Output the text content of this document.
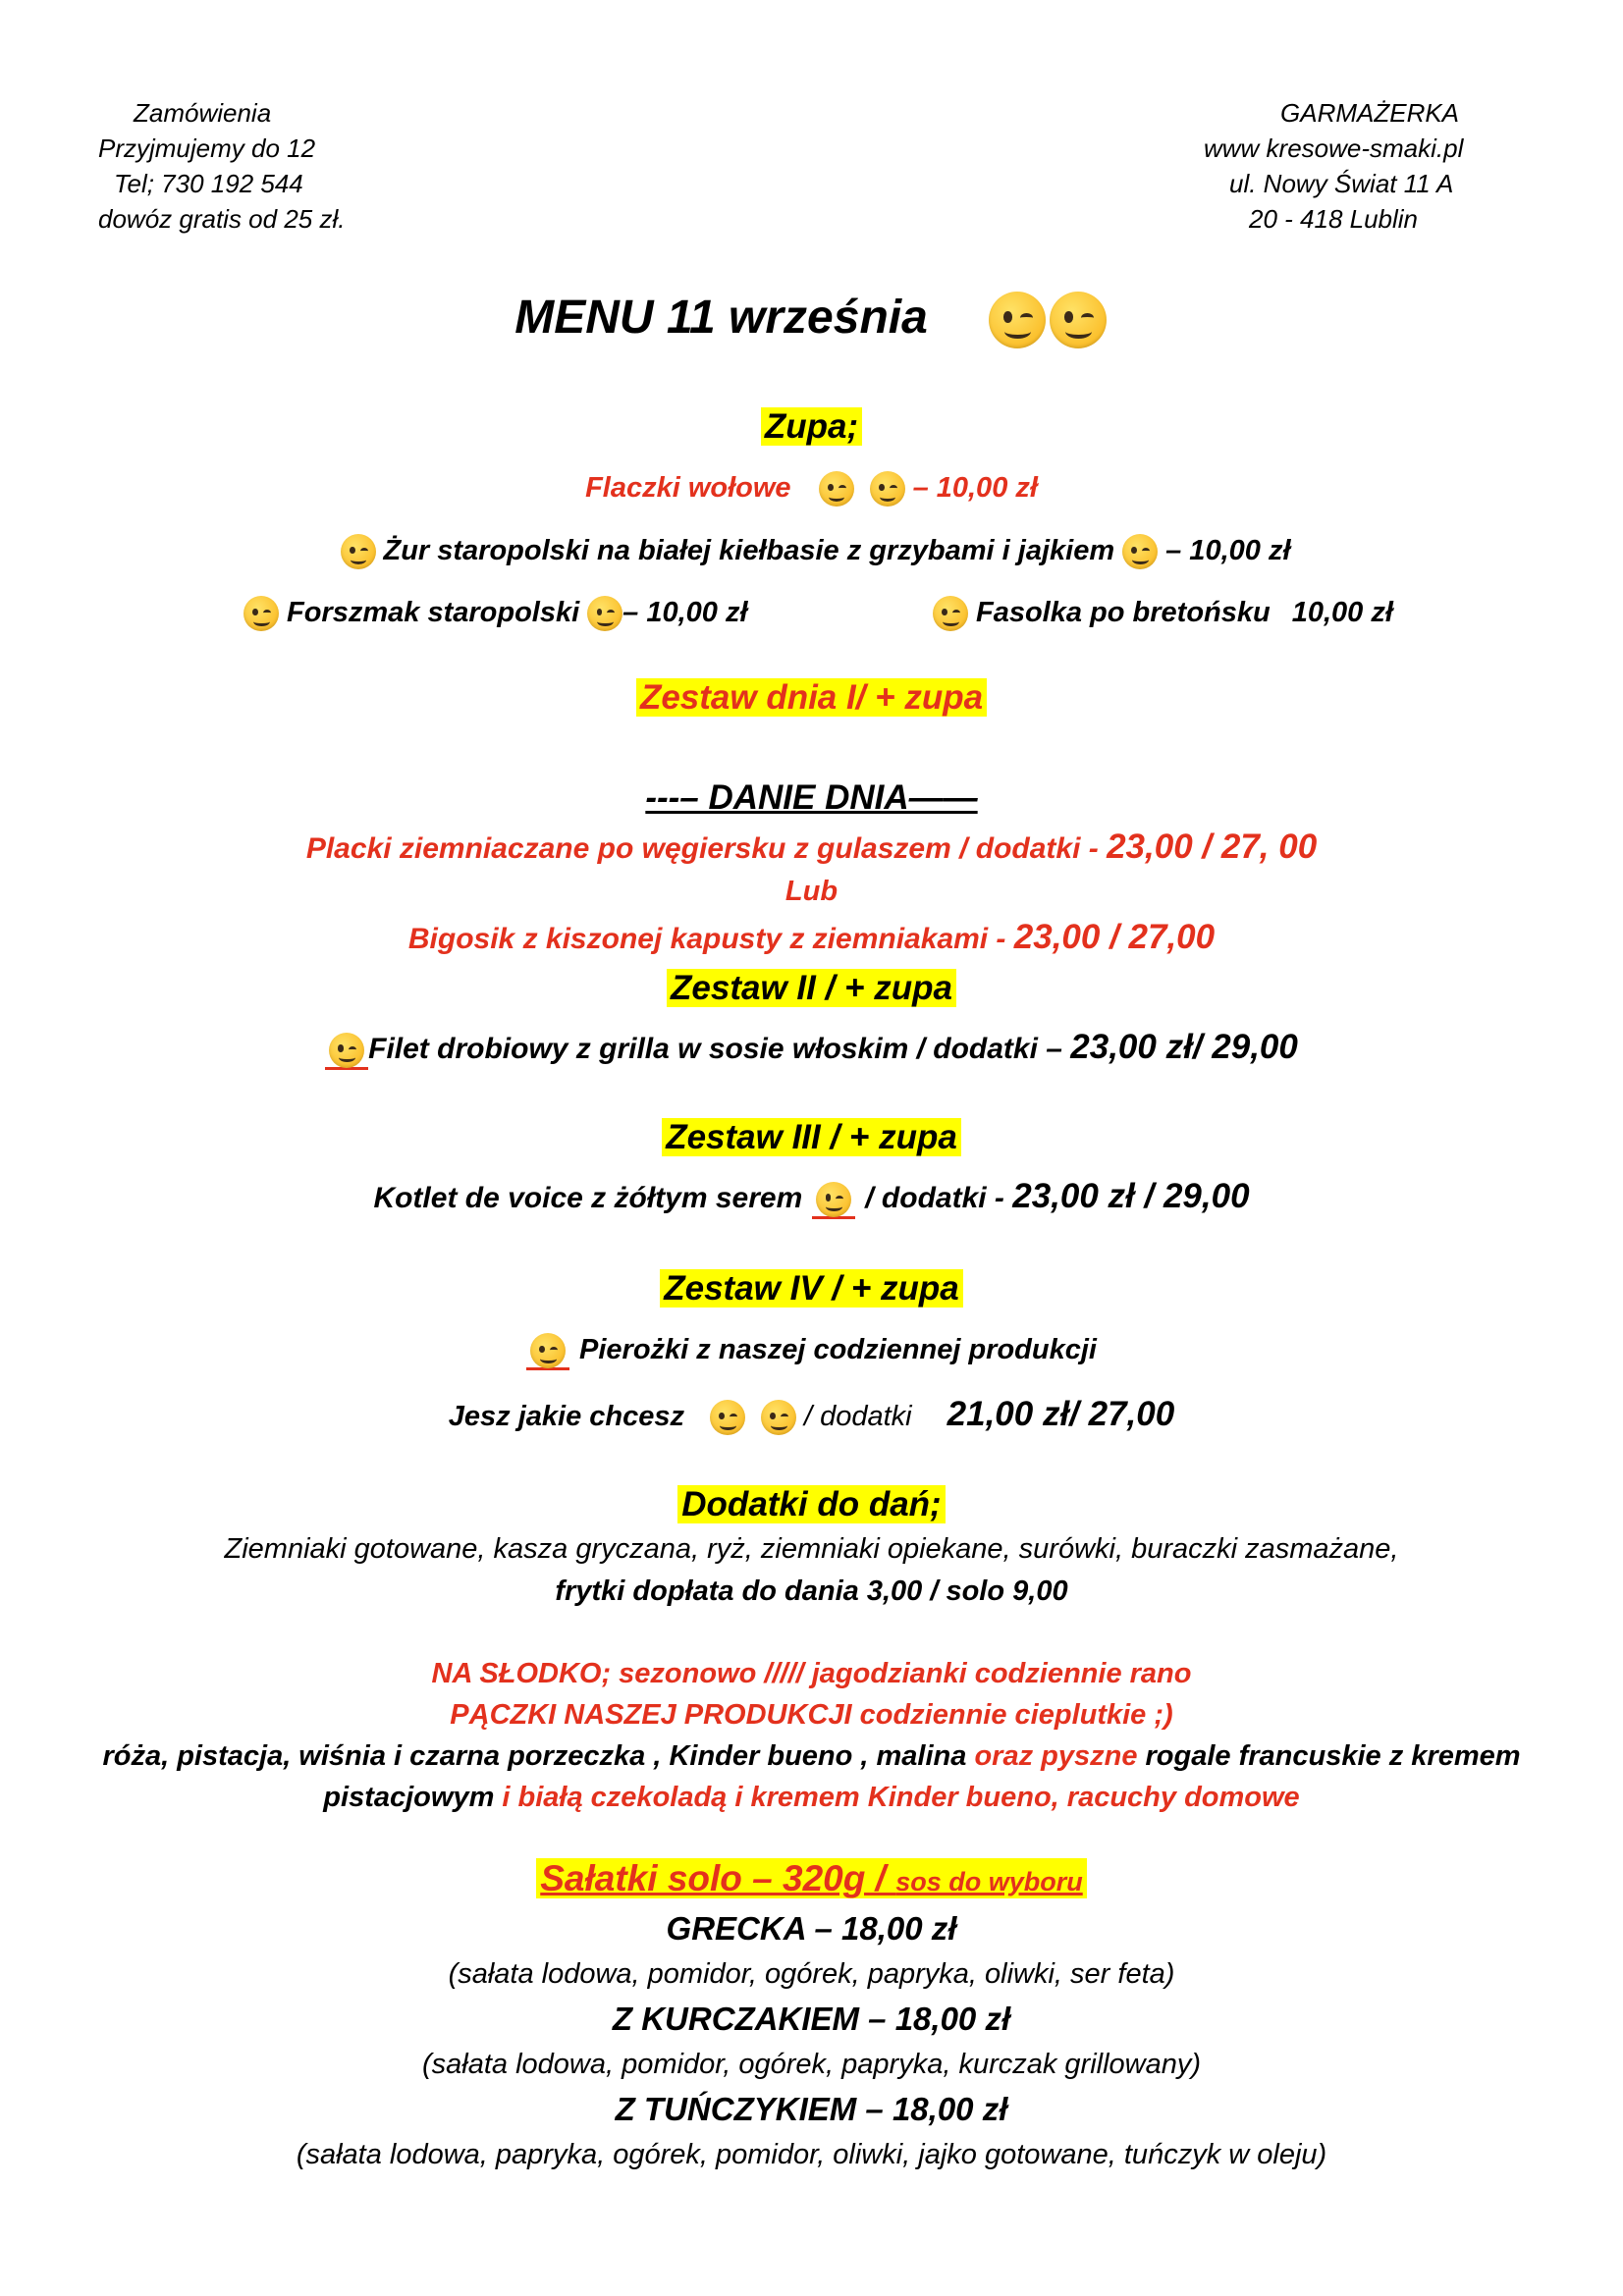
Zamówienia
Przyjmujemy do 12
Tel; 730 192 544
dowóz gratis od 25 zł.
GARMAŻERKA
www kresowe-smaki.pl
ul. Nowy Świat 11 A
20 - 418 Lublin
MENU 11 września
Zupa;
Flaczki wołowe	– 10,00 zł
Żur staropolski na białej kiełbasie z grzybami i jajkiem – 10,00 zł
Forszmak staropolski – 10,00 zł	Fasolka po bretońsku 10,00 zł
Zestaw dnia I/ + zupa
---– DANIE DNIA——
Placki ziemniaczane po węgiersku z gulaszem / dodatki - 23,00 / 27, 00
Lub
Bigosik z kiszonej kapusty z ziemniakami - 23,00 / 27,00
Zestaw II / + zupa
Filet drobiowy z grilla w sosie włoskim / dodatki – 23,00 zł/ 29,00
Zestaw III / + zupa
Kotlet de voice z żółtym serem / dodatki - 23,00 zł / 29,00
Zestaw IV / + zupa
Pierożki z naszej codziennej produkcji
Jesz jakie chcesz	/ dodatki 21,00 zł/ 27,00
Dodatki do dań;
Ziemniaki gotowane, kasza gryczana, ryż, ziemniaki opiekane, surówki, buraczki zasmażane,
frytki dopłata do dania 3,00 / solo 9,00
NA SŁODKO; sezonowo ///// jagodzianki codziennie rano
PĄCZKI NASZEJ PRODUKCJI codziennie cieplutkie ;)
róża, pistacja, wiśnia i czarna porzeczka , Kinder bueno , malina oraz pyszne rogale francuskie z kremem
pistacjowym i białą czekoladą i kremem Kinder bueno, racuchy domowe
Sałatki solo – 320g / sos do wyboru
GRECKA – 18,00 zł
(sałata lodowa, pomidor, ogórek, papryka, oliwki, ser feta)
Z KURCZAKIEM – 18,00 zł
(sałata lodowa, pomidor, ogórek, papryka, kurczak grillowany)
Z TUŃCZYKIEM – 18,00 zł
(sałata lodowa, papryka, ogórek, pomidor, oliwki, jajko gotowane, tuńczyk w oleju)
